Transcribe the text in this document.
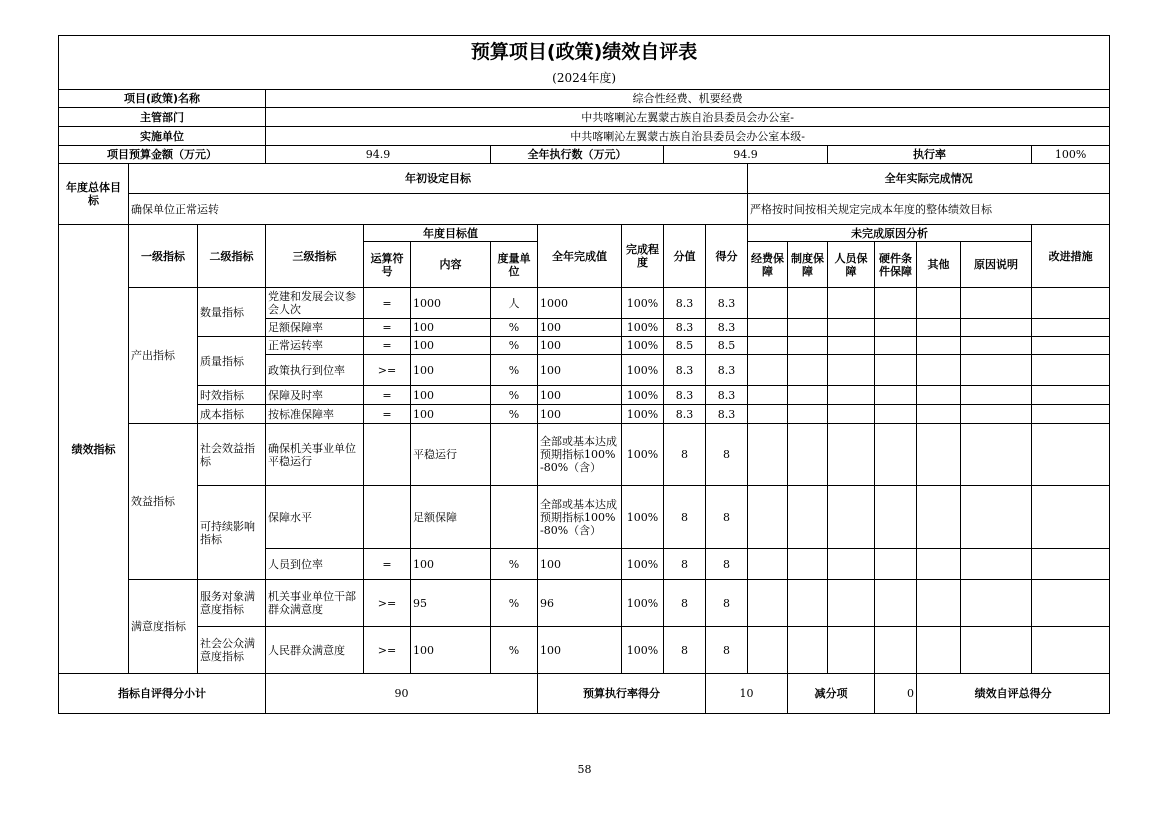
预算项目(政策)绩效自评表																		
(2024年度)																		
项目(政策)名称			综合性经费、机要经费															
主管部门			中共喀喇沁左翼蒙古族自治县委员会办公室-															
实施单位			中共喀喇沁左翼蒙古族自治县委员会办公室本级-															
项目预算金额（万元）			94.9			全年执行数（万元）			94.9				执行率				100%	
年度总体目标	年初设定目标										全年实际完成情况							
	确保单位正常运转										严格按时间按相关规定完成本年度的整体绩效目标							
绩效指标	一级指标	二级指标	三级指标	年度目标值			全年完成值	完成程度	分值	得分	未完成原因分析						改进措施	
				运算符号	内容	度量单位					经费保障	制度保障	人员保障	硬件条件保障	其他	原因说明		
	产出指标	数量指标	党建和发展会议参会人次	=	1000	人	1000	100%	8.3	8.3								
			足额保障率	=	100	%	100	100%	8.3	8.3								
		质量指标	正常运转率	=	100	%	100	100%	8.5	8.5								
			政策执行到位率	>=	100	%	100	100%	8.3	8.3								
		时效指标	保障及时率	=	100	%	100	100%	8.3	8.3								
		成本指标	按标准保障率	=	100	%	100	100%	8.3	8.3								
	效益指标	社会效益指标	确保机关事业单位平稳运行		平稳运行		全部或基本达成预期指标100%-80%（含）	100%	8	8								
		可持续影响指标	保障水平		足额保障		全部或基本达成预期指标100%-80%（含）	100%	8	8								
			人员到位率	=	100	%	100	100%	8	8								
	满意度指标	服务对象满意度指标	机关事业单位干部群众满意度	>=	95	%	96	100%	8	8								
		社会公众满意度指标	人民群众满意度	>=	100	%	100	100%	8	8								
指标自评得分小计			90				预算执行率得分			10		减分项		0	绩效自评总得分	
58
